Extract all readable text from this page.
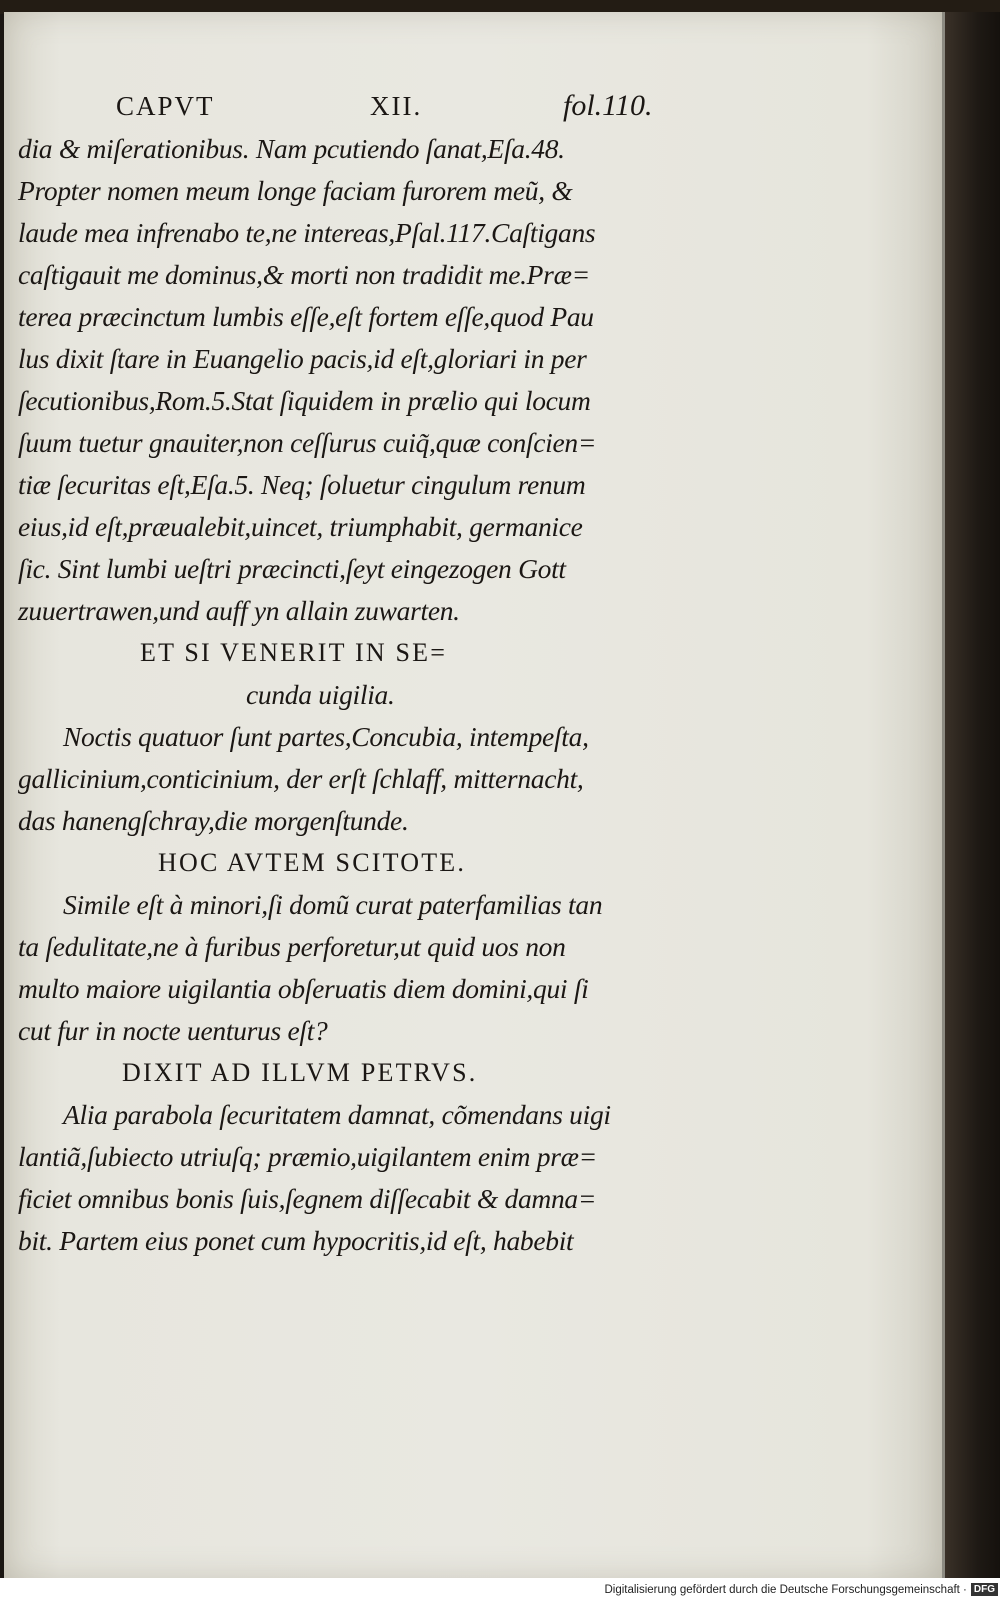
CAPVT	XII.	fol.110.
dia & miſerationibus. Nam pcutiendo ſanat,Eſa.48.
Propter nomen meum longe faciam furorem meũ, &
laude mea infrenabo te,ne intereas,Pſal.117.Caſtigans
caſtigauit me dominus,& morti non tradidit me.Præ=
terea præcinctum lumbis eſſe,eſt fortem eſſe,quod Pau
lus dixit ſtare in Euangelio pacis,id eſt,gloriari in per
ſecutionibus,Rom.5.Stat ſiquidem in prælio qui locum
ſuum tuetur gnauiter,non ceſſurus cuiq̃,quæ conſcien=
tiæ ſecuritas eſt,Eſa.5. Neq; ſoluetur cingulum renum
eius,id eſt,præualebit,uincet, triumphabit, germanice
ſic. Sint lumbi ueſtri præcincti,ſeyt eingezogen Gott
zuuertrawen,und auff yn allain zuwarten.
ET SI VENERIT IN SE=
cunda uigilia.
Noctis quatuor ſunt partes,Concubia, intempeſta,
gallicinium,conticinium, der erſt ſchlaff, mitternacht,
das hanengſchray,die morgenſtunde.
HOC AVTEM SCITOTE.
Simile eſt à minori,ſi domũ curat paterfamilias tan
ta ſedulitate,ne à furibus perforetur,ut quid uos non
multo maiore uigilantia obſeruatis diem domini,qui ſi
cut fur in nocte uenturus eſt?
DIXIT AD ILLVM PETRVS.
Alia parabola ſecuritatem damnat, cõmendans uigi
lantiã,ſubiecto utriuſq; præmio,uigilantem enim præ=
ficiet omnibus bonis ſuis,ſegnem diſſecabit & damna=
bit. Partem eius ponet cum hypocritis,id eſt, habebit
Digitalisierung gefördert durch die Deutsche Forschungsgemeinschaft · DFG
